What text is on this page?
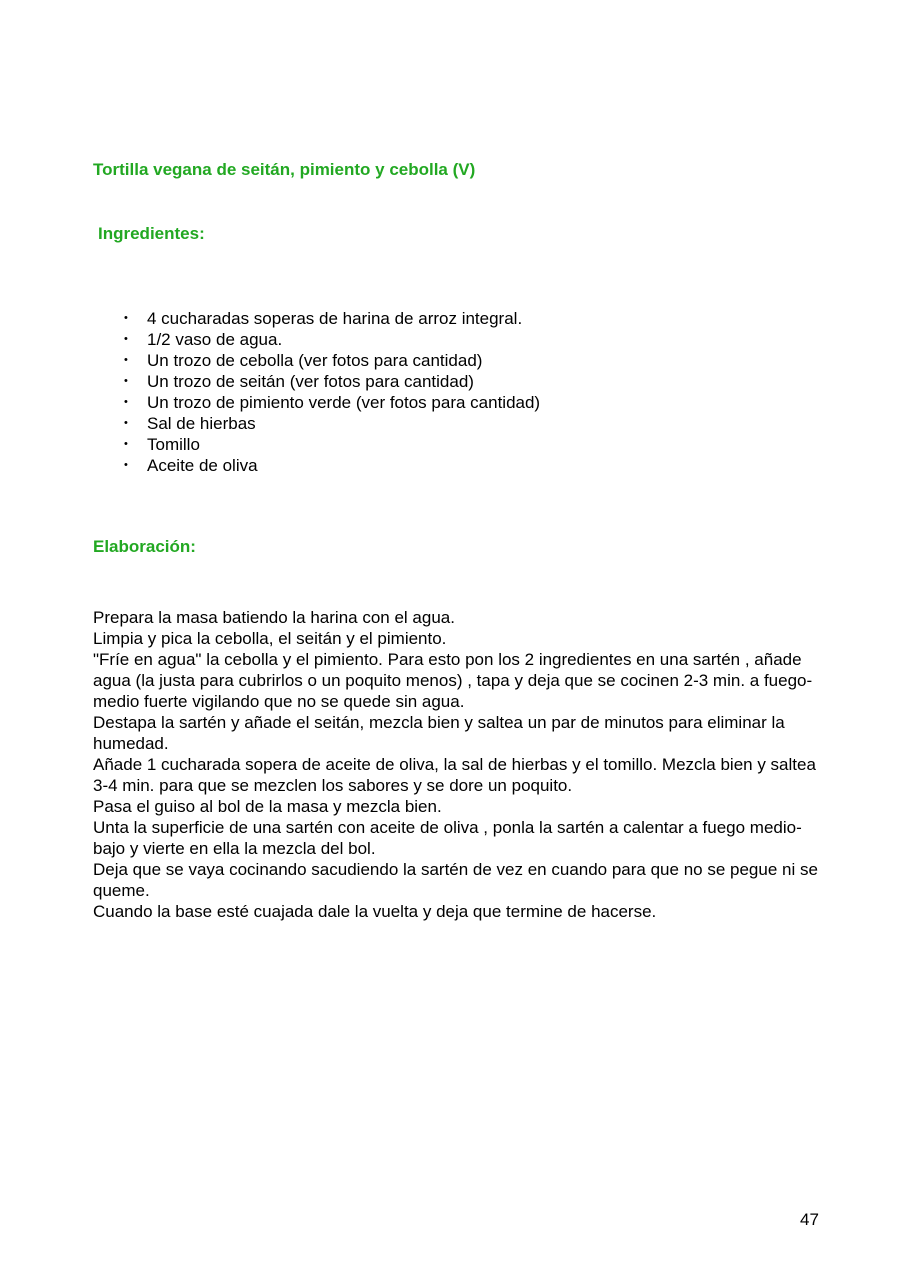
Tortilla vegana de seitán, pimiento y cebolla (V)
Ingredientes:
• 4 cucharadas soperas de harina de arroz integral.
• 1/2 vaso de agua.
• Un trozo de cebolla (ver fotos para cantidad)
• Un trozo de seitán (ver fotos para cantidad)
• Un trozo de pimiento verde (ver fotos para cantidad)
• Sal de hierbas
• Tomillo
• Aceite de oliva
Elaboración:

Prepara la masa batiendo la harina con el agua.

Limpia y pica la cebolla, el seitán y el pimiento.

"Fríe en agua" la cebolla y el pimiento. Para esto pon los 2 ingredientes en una sartén , añade agua (la justa para cubrirlos o un poquito menos) , tapa y deja que se cocinen 2-3 min. a fuego-medio fuerte vigilando que no se quede sin agua.

Destapa la sartén y añade el seitán, mezcla bien y saltea un par de minutos para eliminar la humedad.

Añade 1 cucharada sopera de aceite de oliva, la sal de hierbas y el tomillo. Mezcla bien y saltea 3-4 min. para que se mezclen los sabores y se dore un poquito.

Pasa el guiso al bol de la masa y mezcla bien.

Unta la superficie de una sartén con aceite de oliva , ponla la sartén a calentar a fuego medio-bajo y vierte en ella la mezcla del bol.

Deja que se vaya cocinando sacudiendo la sartén de vez en cuando para que no se pegue ni se queme.

Cuando la base esté cuajada dale la vuelta y deja que termine de hacerse.

47
